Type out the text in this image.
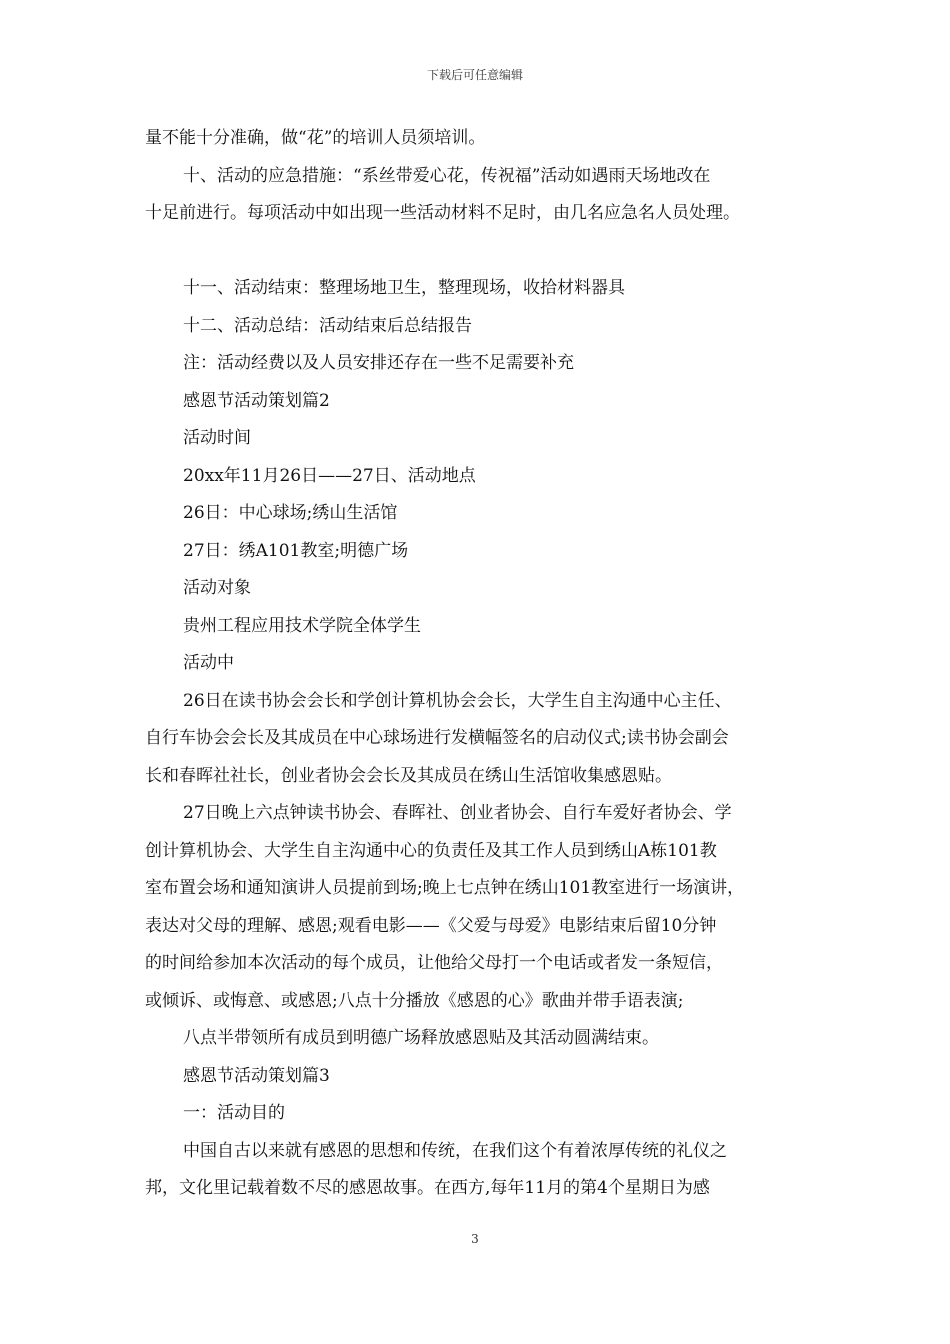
下载后可任意编辑
量不能十分准确，做“花”的培训人员须培训。
十、活动的应急措施：“系丝带爱心花，传祝福”活动如遇雨天场地改在
十足前进行。每项活动中如出现一些活动材料不足时，由几名应急名人员处理。
十一、活动结束：整理场地卫生，整理现场，收拾材料器具
十二、活动总结：活动结束后总结报告
注：活动经费以及人员安排还存在一些不足需要补充
感恩节活动策划篇2
活动时间
20xx年11月26日——27日、活动地点
26日：中心球场;绣山生活馆
27日：绣A101教室;明德广场
活动对象
贵州工程应用技术学院全体学生
活动中
26日在读书协会会长和学创计算机协会会长，大学生自主沟通中心主任、
自行车协会会长及其成员在中心球场进行发横幅签名的启动仪式;读书协会副会
长和春晖社社长，创业者协会会长及其成员在绣山生活馆收集感恩贴。
27日晚上六点钟读书协会、春晖社、创业者协会、自行车爱好者协会、学
创计算机协会、大学生自主沟通中心的负责任及其工作人员到绣山A栋101教
室布置会场和通知演讲人员提前到场;晚上七点钟在绣山101教室进行一场演讲，
表达对父母的理解、感恩;观看电影——《父爱与母爱》电影结束后留10分钟
的时间给参加本次活动的每个成员，让他给父母打一个电话或者发一条短信，
或倾诉、或悔意、或感恩;八点十分播放《感恩的心》歌曲并带手语表演;
八点半带领所有成员到明德广场释放感恩贴及其活动圆满结束。
感恩节活动策划篇3
一：活动目的
中国自古以来就有感恩的思想和传统，在我们这个有着浓厚传统的礼仪之
邦，文化里记载着数不尽的感恩故事。在西方,每年11月的第4个星期日为感
3
